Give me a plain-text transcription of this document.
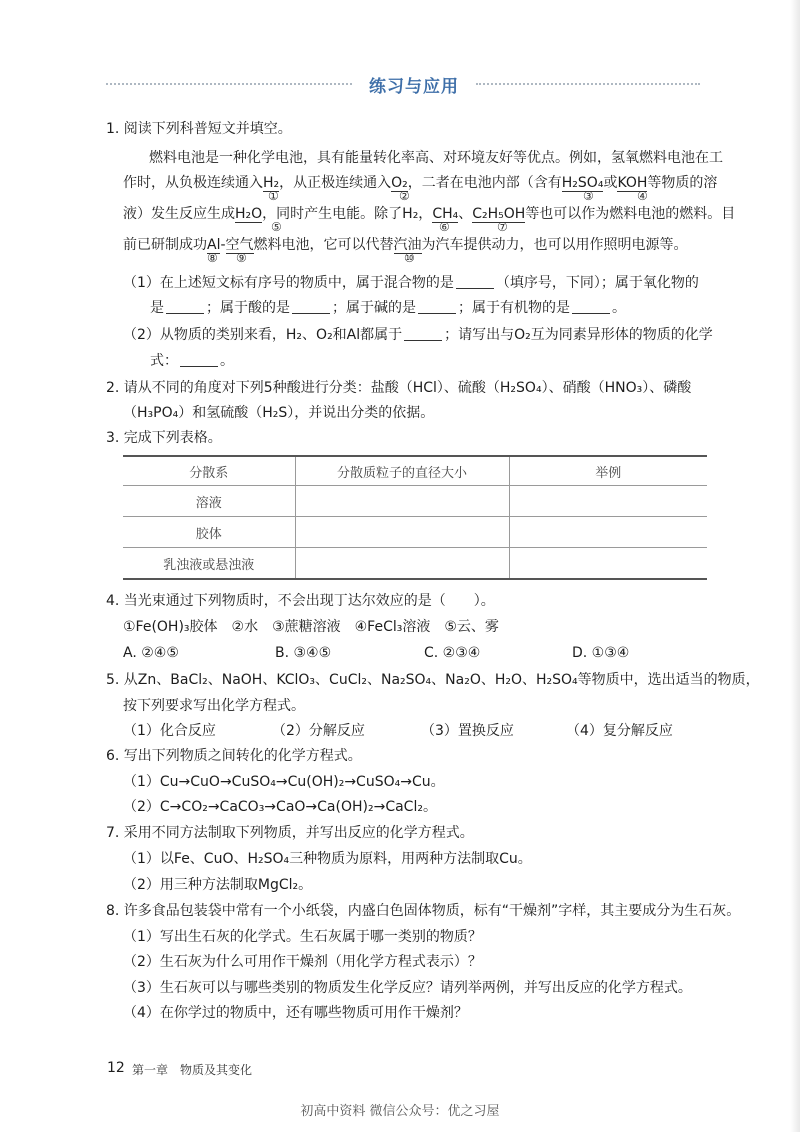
练习与应用
1. 阅读下列科普短文并填空。
燃料电池是一种化学电池，具有能量转化率高、对环境友好等优点。例如，氢氧燃料电池在工
作时，从负极连续通入H₂，从正极连续通入O₂，二者在电池内部（含有H₂SO₄或KOH等物质的溶
①	②	③	④
液）发生反应生成H₂O，同时产生电能。除了H₂，CH₄、C₂H₅OH等也可以作为燃料电池的燃料。目
⑤	⑥	⑦
前已研制成功Al-空气燃料电池，它可以代替汽油为汽车提供动力，也可以用作照明电源等。
⑧ ⑨	⑩
（1）在上述短文标有序号的物质中，属于混合物的是	（填序号，下同）；属于氧化物的
是	；属于酸的是	；属于碱的是	；属于有机物的是	。
（2）从物质的类别来看，H₂、O₂和Al都属于	；请写出与O₂互为同素异形体的物质的化学
式：	。
2. 请从不同的角度对下列5种酸进行分类：盐酸（HCl）、硫酸（H₂SO₄）、硝酸（HNO₃）、磷酸
（H₃PO₄）和氢硫酸（H₂S），并说出分类的依据。
3. 完成下列表格。
分散系	分散质粒子的直径大小	举例
溶液		
胶体		
乳浊液或悬浊液		
4. 当光束通过下列物质时，不会出现丁达尔效应的是（　　）。
①Fe(OH)₃胶体　②水　③蔗糖溶液　④FeCl₃溶液　⑤云、雾
A. ②④⑤	B. ③④⑤	C. ②③④	D. ①③④
5. 从Zn、BaCl₂、NaOH、KClO₃、CuCl₂、Na₂SO₄、Na₂O、H₂O、H₂SO₄等物质中，选出适当的物质，
按下列要求写出化学方程式。
（1）化合反应	（2）分解反应	（3）置换反应	（4）复分解反应
6. 写出下列物质之间转化的化学方程式。
（1）Cu→CuO→CuSO₄→Cu(OH)₂→CuSO₄→Cu。
（2）C→CO₂→CaCO₃→CaO→Ca(OH)₂→CaCl₂。
7. 采用不同方法制取下列物质，并写出反应的化学方程式。
（1）以Fe、CuO、H₂SO₄三种物质为原料，用两种方法制取Cu。
（2）用三种方法制取MgCl₂。
8. 许多食品包装袋中常有一个小纸袋，内盛白色固体物质，标有“干燥剂”字样，其主要成分为生石灰。
（1）写出生石灰的化学式。生石灰属于哪一类别的物质？
（2）生石灰为什么可用作干燥剂（用化学方程式表示）？
（3）生石灰可以与哪些类别的物质发生化学反应？请列举两例，并写出反应的化学方程式。
（4）在你学过的物质中，还有哪些物质可用作干燥剂？
12 第一章　物质及其变化
初高中资料 微信公众号：优之习屋
